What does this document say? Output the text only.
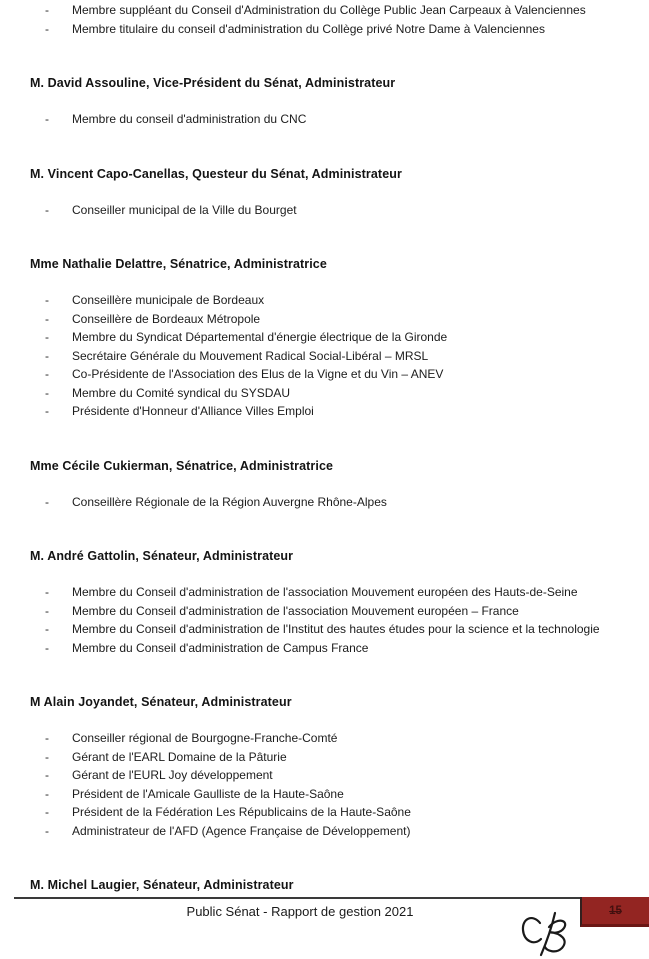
-	Membre suppléant du Conseil d'Administration du Collège Public Jean Carpeaux à Valenciennes
-	Membre titulaire du conseil d'administration du Collège privé Notre Dame à Valenciennes
M. David Assouline, Vice-Président du Sénat, Administrateur
-	Membre du conseil d'administration du CNC
M. Vincent Capo-Canellas, Questeur du Sénat, Administrateur
-	Conseiller municipal de la Ville du Bourget
Mme Nathalie Delattre, Sénatrice, Administratrice
-	Conseillère municipale de Bordeaux
-	Conseillère de Bordeaux Métropole
-	Membre du Syndicat Départemental d'énergie électrique de la Gironde
-	Secrétaire Générale du Mouvement Radical Social-Libéral – MRSL
-	Co-Présidente de l'Association des Elus de la Vigne et du Vin – ANEV
-	Membre du Comité syndical du SYSDAU
-	Présidente d'Honneur d'Alliance Villes Emploi
Mme Cécile Cukierman, Sénatrice, Administratrice
-	Conseillère Régionale de la Région Auvergne Rhône-Alpes
M. André Gattolin, Sénateur, Administrateur
-	Membre du Conseil d'administration de l'association Mouvement européen des Hauts-de-Seine
-	Membre du Conseil d'administration de l'association Mouvement européen – France
-	Membre du Conseil d'administration de l'Institut des hautes études pour la science et la technologie
-	Membre du Conseil d'administration de Campus France
M Alain Joyandet, Sénateur, Administrateur
-	Conseiller régional de Bourgogne-Franche-Comté
-	Gérant de l'EARL Domaine de la Pâturie
-	Gérant de l'EURL Joy développement
-	Président de l'Amicale Gaulliste de la Haute-Saône
-	Président de la Fédération Les Républicains de la Haute-Saône
-	Administrateur de l'AFD (Agence Française de Développement)
M. Michel Laugier, Sénateur, Administrateur
Public Sénat - Rapport de gestion 2021	15
